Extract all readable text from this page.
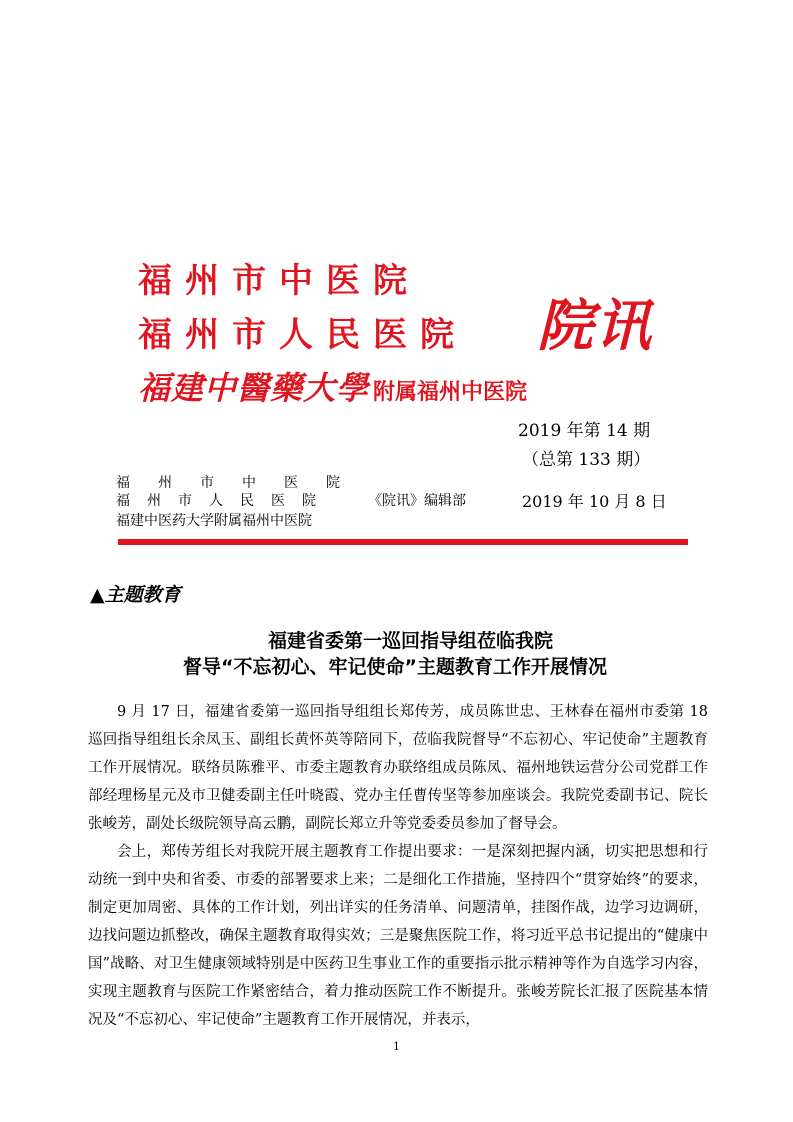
福州市中医院
福州市人民医院
福建中醫藥大學 附属福州中医院
院讯
2019 年第 14 期
（总第 133 期）
福州市中医院
福州市人民医院
福建中医药大学附属福州中医院
《院讯》编辑部	2019 年 10 月 8 日
▲主题教育
福建省委第一巡回指导组莅临我院
督导“不忘初心、牢记使命”主题教育工作开展情况

9 月 17 日，福建省委第一巡回指导组组长郑传芳，成员陈世忠、王林春在福州市委第 18 巡回指导组组长余凤玉、副组长黄怀英等陪同下，莅临我院督导“不忘初心、牢记使命”主题教育工作开展情况。联络员陈雅平、市委主题教育办联络组成员陈凤、福州地铁运营分公司党群工作部经理杨星元及市卫健委副主任叶晓霞、党办主任曹传坚等参加座谈会。我院党委副书记、院长张峻芳，副处长级院领导高云鹏，副院长郑立升等党委委员参加了督导会。

会上，郑传芳组长对我院开展主题教育工作提出要求：一是深刻把握内涵，切实把思想和行动统一到中央和省委、市委的部署要求上来；二是细化工作措施，坚持四个“贯穿始终”的要求，制定更加周密、具体的工作计划，列出详实的任务清单、问题清单，挂图作战，边学习边调研，边找问题边抓整改，确保主题教育取得实效；三是聚焦医院工作，将习近平总书记提出的“健康中国”战略、对卫生健康领域特别是中医药卫生事业工作的重要指示批示精神等作为自选学习内容，实现主题教育与医院工作紧密结合，着力推动医院工作不断提升。张峻芳院长汇报了医院基本情况及“不忘初心、牢记使命”主题教育工作开展情况，并表示，

1
